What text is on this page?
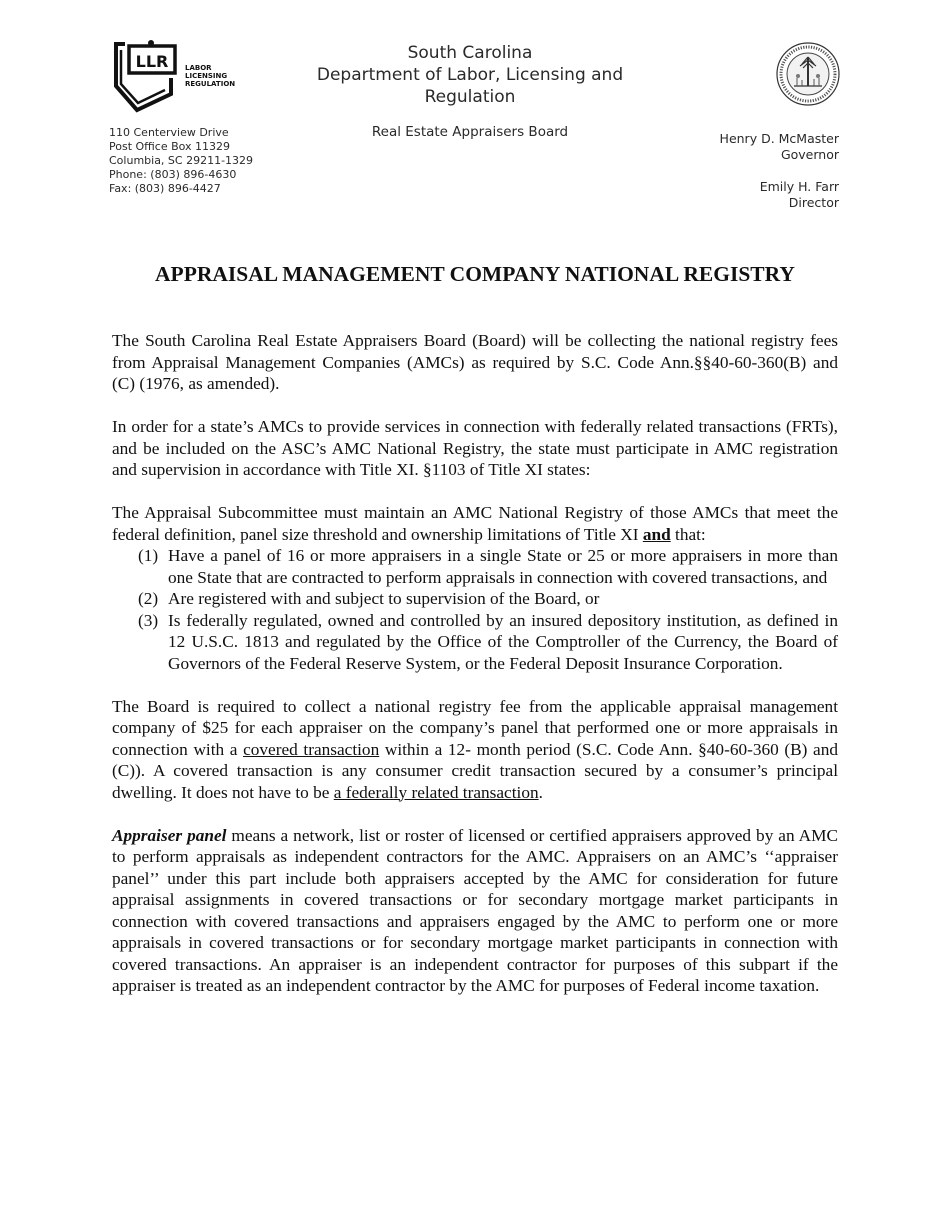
LLR LABOR
LICENSING
REGULATION
South Carolina
Department of Labor, Licensing and Regulation
Real Estate Appraisers Board
110 Centerview Drive
Post Office Box 11329
Columbia, SC 29211-1329
Phone: (803) 896-4630
Fax: (803) 896-4427
Henry D. McMaster
Governor
Emily H. Farr
Director
APPRAISAL MANAGEMENT COMPANY NATIONAL REGISTRY

The South Carolina Real Estate Appraisers Board (Board) will be collecting the national registry fees from Appraisal Management Companies (AMCs) as required by S.C. Code Ann.§§40-60-360(B) and (C) (1976, as amended).

In order for a state’s AMCs to provide services in connection with federally related transactions (FRTs), and be included on the ASC’s AMC National Registry, the state must participate in AMC registration and supervision in accordance with Title XI. §1103 of Title XI states:

The Appraisal Subcommittee must maintain an AMC National Registry of those AMCs that meet the federal definition, panel size threshold and ownership limitations of Title XI and that:

(1) Have a panel of 16 or more appraisers in a single State or 25 or more appraisers in more than one State that are contracted to perform appraisals in connection with covered transactions, and
(2) Are registered with and subject to supervision of the Board, or
(3) Is federally regulated, owned and controlled by an insured depository institution, as defined in 12 U.S.C. 1813 and regulated by the Office of the Comptroller of the Currency, the Board of Governors of the Federal Reserve System, or the Federal Deposit Insurance Corporation.

The Board is required to collect a national registry fee from the applicable appraisal management company of $25 for each appraiser on the company’s panel that performed one or more appraisals in connection with a covered transaction within a 12- month period (S.C. Code Ann. §40-60-360 (B) and (C)). A covered transaction is any consumer credit transaction secured by a consumer’s principal dwelling. It does not have to be a federally related transaction.

Appraiser panel means a network, list or roster of licensed or certified appraisers approved by an AMC to perform appraisals as independent contractors for the AMC. Appraisers on an AMC’s ‘‘appraiser panel’’ under this part include both appraisers accepted by the AMC for consideration for future appraisal assignments in covered transactions or for secondary mortgage market participants in connection with covered transactions and appraisers engaged by the AMC to perform one or more appraisals in covered transactions or for secondary mortgage market participants in connection with covered transactions. An appraiser is an independent contractor for purposes of this subpart if the appraiser is treated as an independent contractor by the AMC for purposes of Federal income taxation.
